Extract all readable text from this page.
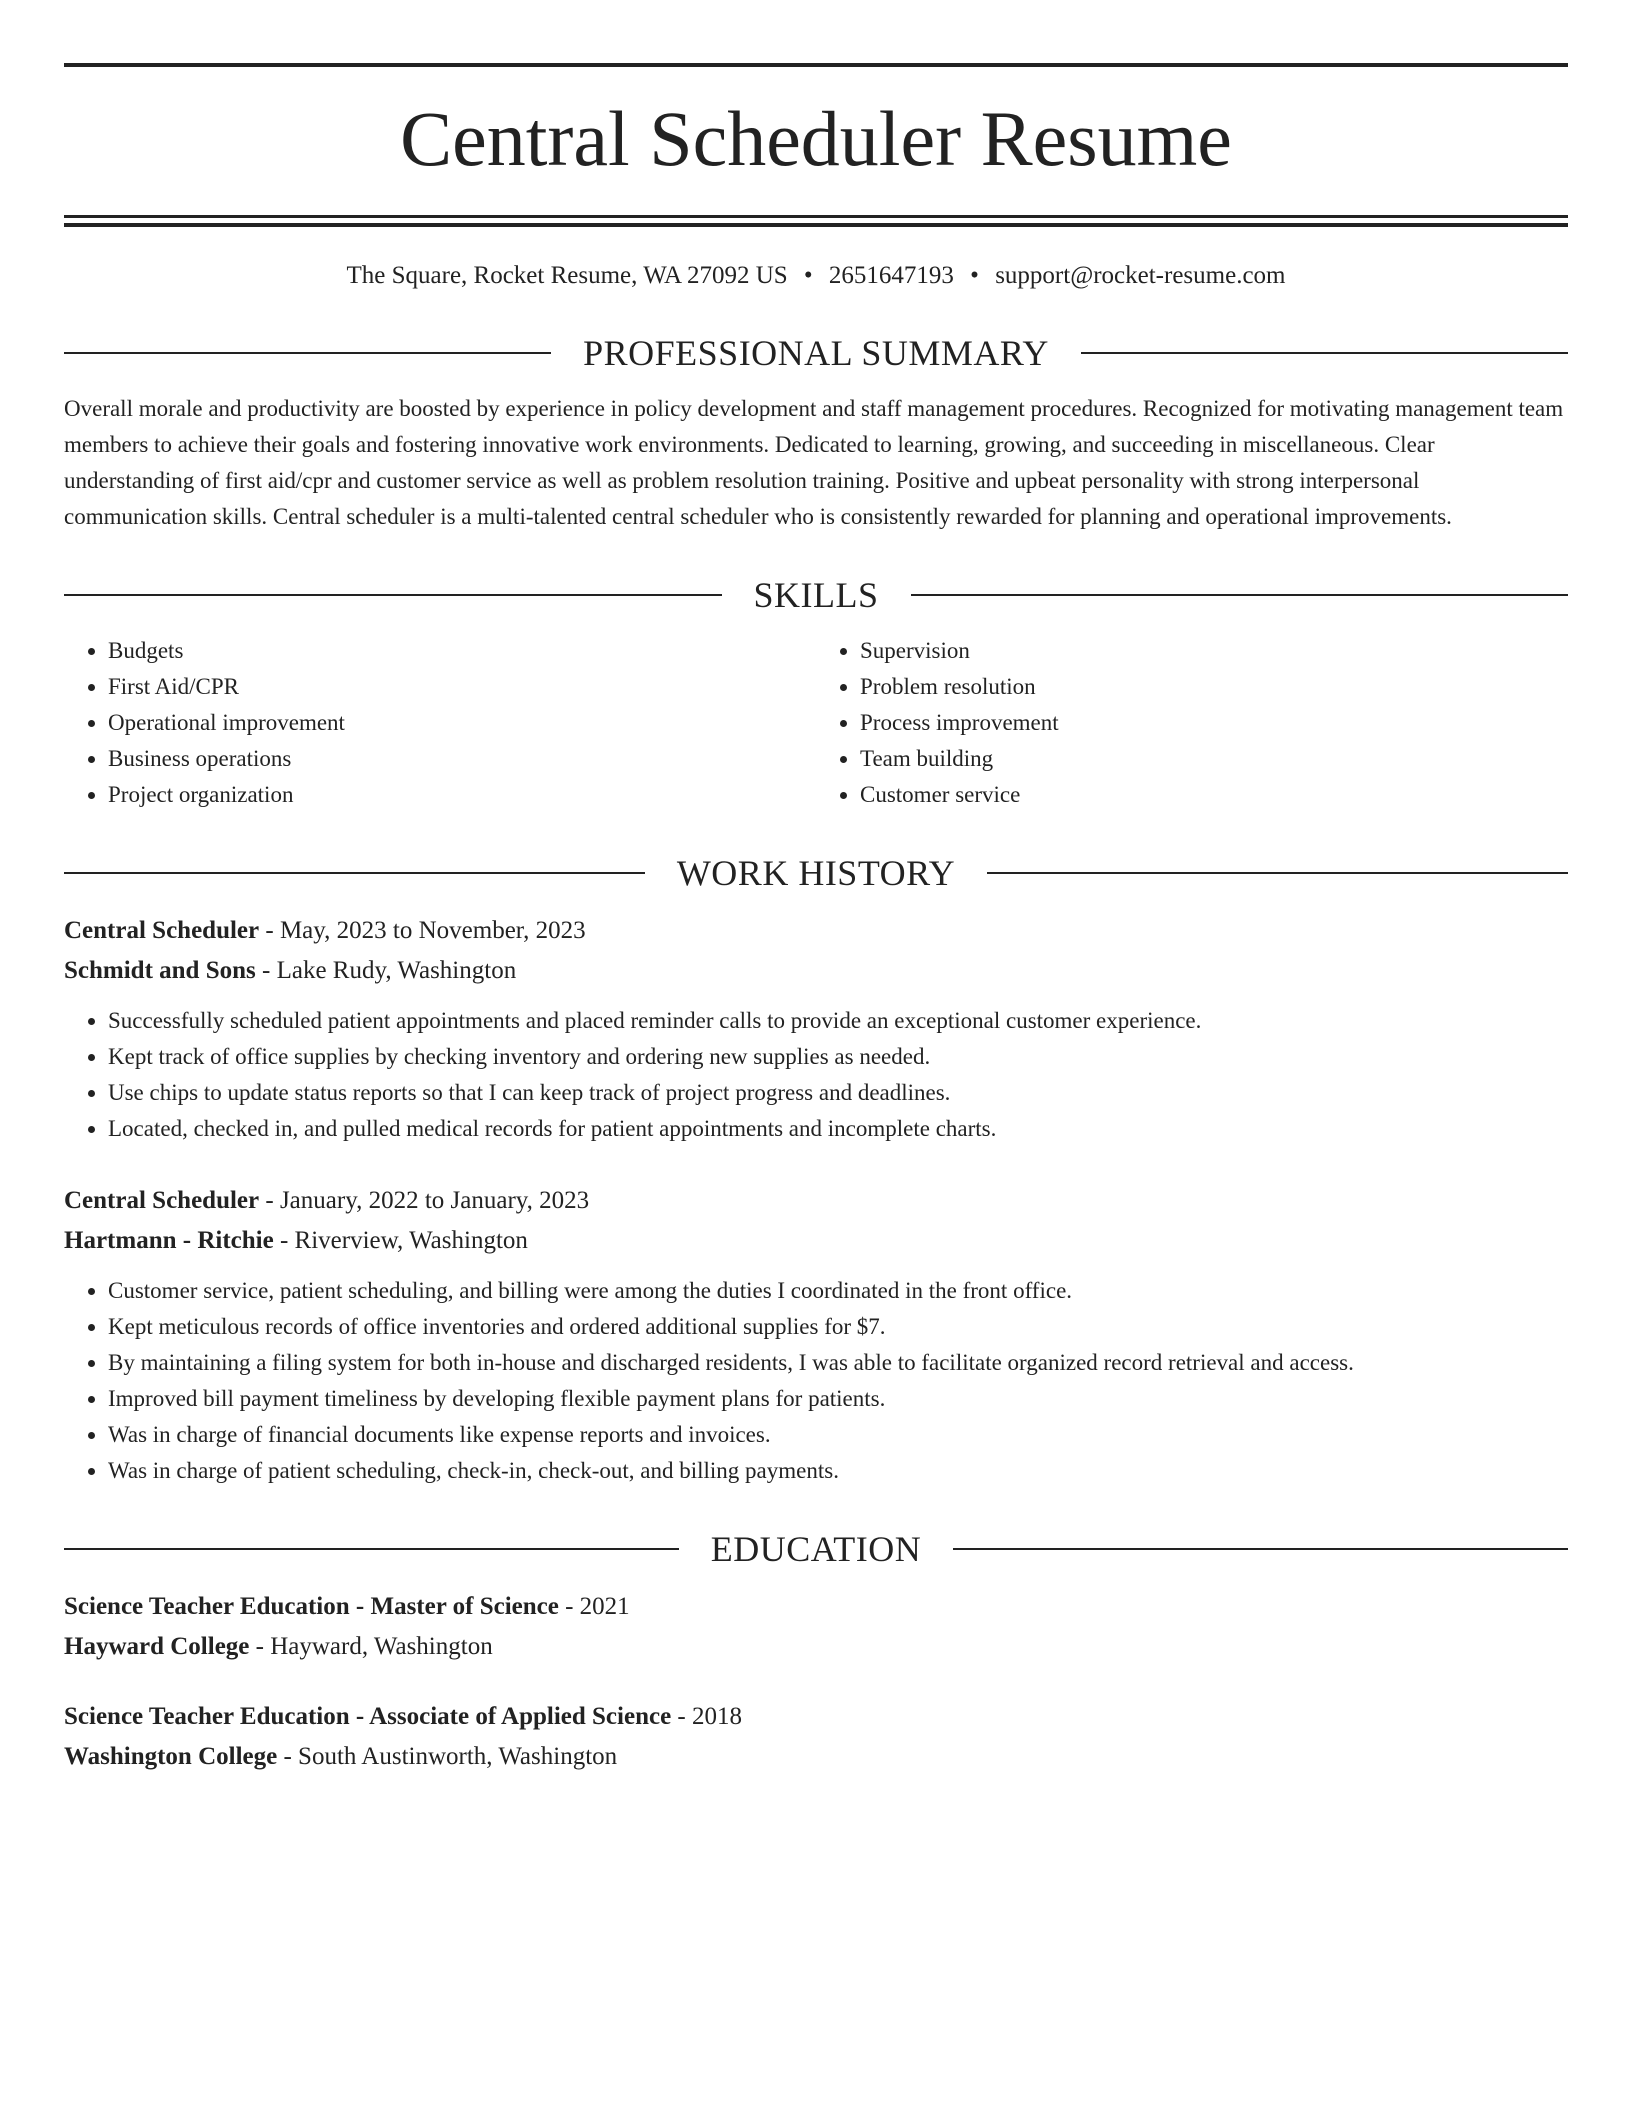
Central Scheduler Resume
The Square, Rocket Resume, WA 27092 US • 2651647193 • support@rocket-resume.com
PROFESSIONAL SUMMARY

Overall morale and productivity are boosted by experience in policy development and staff management procedures. Recognized for motivating management team members to achieve their goals and fostering innovative work environments. Dedicated to learning, growing, and succeeding in miscellaneous. Clear understanding of first aid/cpr and customer service as well as problem resolution training. Positive and upbeat personality with strong interpersonal communication skills. Central scheduler is a multi-talented central scheduler who is consistently rewarded for planning and operational improvements.

SKILLS
• Budgets
• First Aid/CPR
• Operational improvement
• Business operations
• Project organization
• Supervision
• Problem resolution
• Process improvement
• Team building
• Customer service
WORK HISTORY
Central Scheduler - May, 2023 to November, 2023
Schmidt and Sons - Lake Rudy, Washington
• Successfully scheduled patient appointments and placed reminder calls to provide an exceptional customer experience.
• Kept track of office supplies by checking inventory and ordering new supplies as needed.
• Use chips to update status reports so that I can keep track of project progress and deadlines.
• Located, checked in, and pulled medical records for patient appointments and incomplete charts.
Central Scheduler - January, 2022 to January, 2023
Hartmann - Ritchie - Riverview, Washington
• Customer service, patient scheduling, and billing were among the duties I coordinated in the front office.
• Kept meticulous records of office inventories and ordered additional supplies for $7.
• By maintaining a filing system for both in-house and discharged residents, I was able to facilitate organized record retrieval and access.
• Improved bill payment timeliness by developing flexible payment plans for patients.
• Was in charge of financial documents like expense reports and invoices.
• Was in charge of patient scheduling, check-in, check-out, and billing payments.
EDUCATION
Science Teacher Education - Master of Science - 2021
Hayward College - Hayward, Washington
Science Teacher Education - Associate of Applied Science - 2018
Washington College - South Austinworth, Washington
